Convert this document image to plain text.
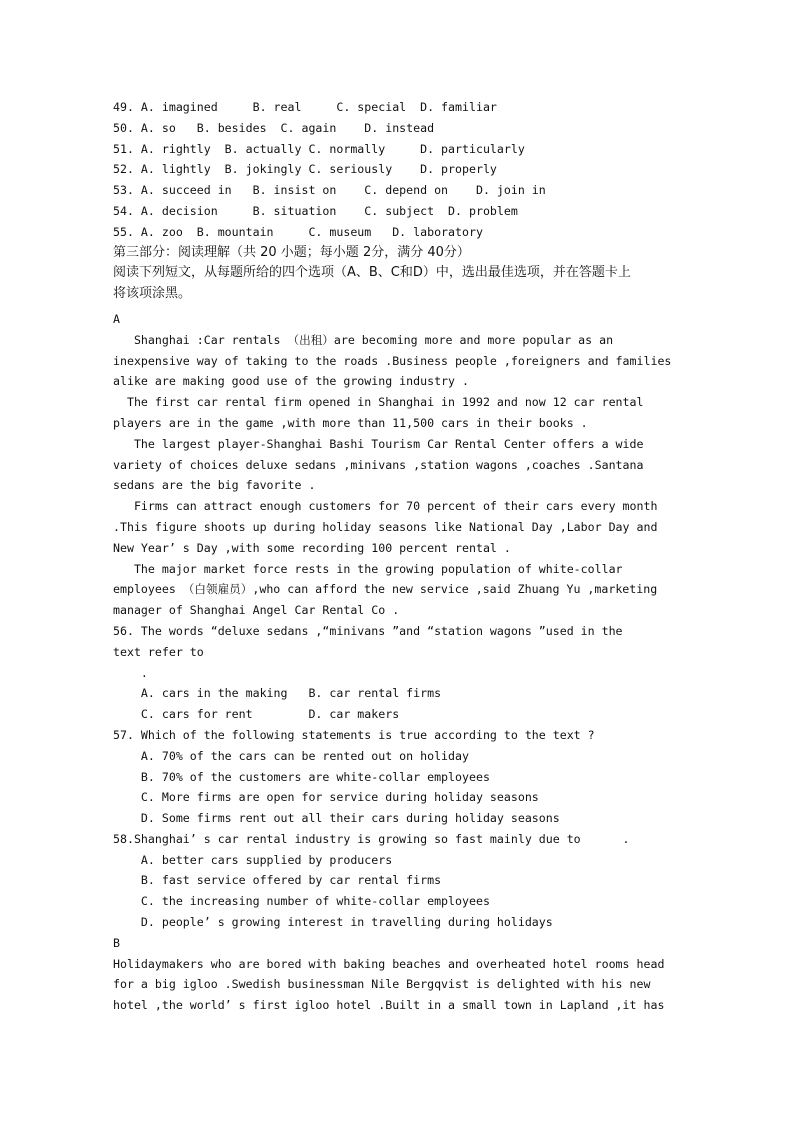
49. A. imagined     B. real     C. special  D. familiar
50. A. so   B. besides  C. again    D. instead
51. A. rightly  B. actually C. normally     D. particularly
52. A. lightly  B. jokingly C. seriously    D. properly
53. A. succeed in   B. insist on    C. depend on    D. join in
54. A. decision     B. situation    C. subject  D. problem
55. A. zoo  B. mountain     C. museum   D. laboratory
第三部分：阅读理解（共 20 小题；每小题 2分，满分 40分）
阅读下列短文，从每题所给的四个选项（A、B、C和D）中，选出最佳选项，并在答题卡上
将该项涂黑。
A
Shanghai :Car rentals （出租）are becoming more and more popular as an
inexpensive way of taking to the roads .Business people ,foreigners and families
alike are making good use of the growing industry .
The first car rental firm opened in Shanghai in 1992 and now 12 car rental
players are in the game ,with more than 11,500 cars in their books .
The largest player-Shanghai Bashi Tourism Car Rental Center offers a wide
variety of choices deluxe sedans ,minivans ,station wagons ,coaches .Santana
sedans are the big favorite .
Firms can attract enough customers for 70 percent of their cars every month
.This figure shoots up during holiday seasons like National Day ,Labor Day and
New Year’ s Day ,with some recording 100 percent rental .
The major market force rests in the growing population of white-collar
employees （白领雇员）,who can afford the new service ,said Zhuang Yu ,marketing
manager of Shanghai Angel Car Rental Co .
56. The words “deluxe sedans ,“minivans ”and “station wagons ”used in the
text refer to
.
A. cars in the making   B. car rental firms
C. cars for rent        D. car makers
57. Which of the following statements is true according to the text ?
A. 70% of the cars can be rented out on holiday
B. 70% of the customers are white-collar employees
C. More firms are open for service during holiday seasons
D. Some firms rent out all their cars during holiday seasons
58.Shanghai’ s car rental industry is growing so fast mainly due to      .
A. better cars supplied by producers
B. fast service offered by car rental firms
C. the increasing number of white-collar employees
D. people’ s growing interest in travelling during holidays
B
Holidaymakers who are bored with baking beaches and overheated hotel rooms head
for a big igloo .Swedish businessman Nile Bergqvist is delighted with his new
hotel ,the world’ s first igloo hotel .Built in a small town in Lapland ,it has
